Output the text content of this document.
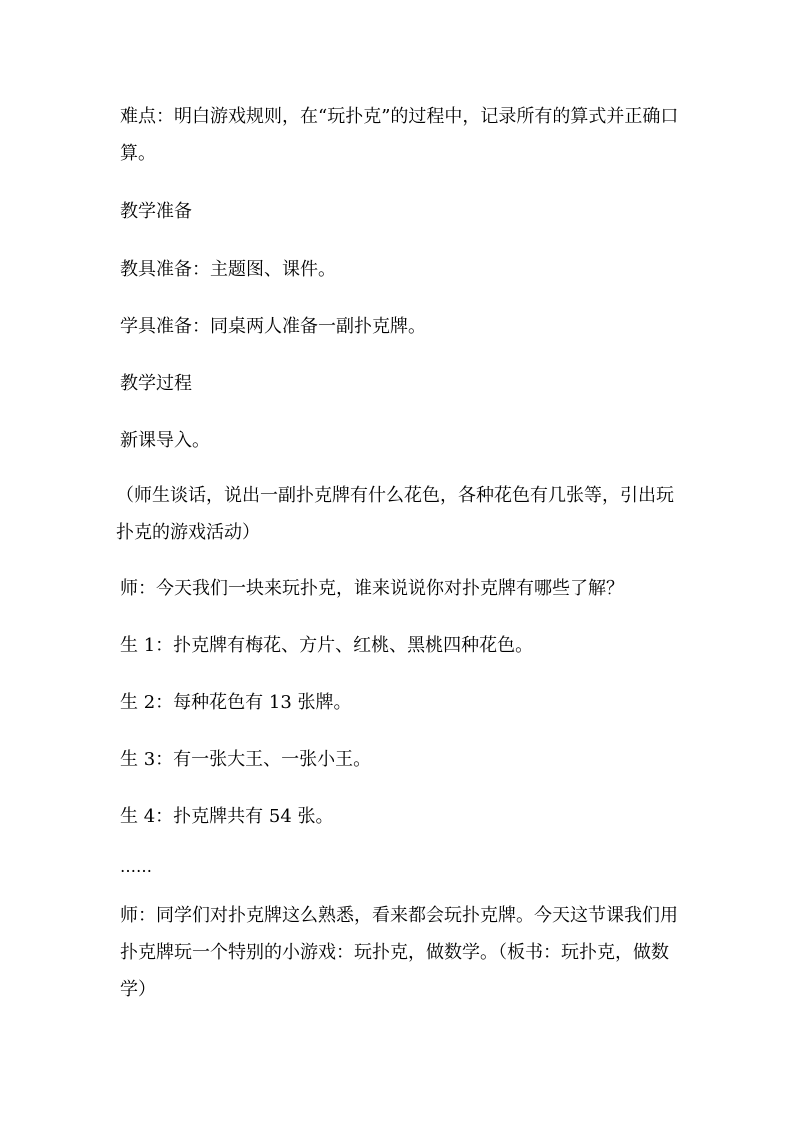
难点：明白游戏规则，在“玩扑克”的过程中，记录所有的算式并正确口算。
教学准备
教具准备：主题图、课件。
学具准备：同桌两人准备一副扑克牌。
教学过程
新课导入。
（师生谈话，说出一副扑克牌有什么花色，各种花色有几张等，引出玩扑克的游戏活动）
师：今天我们一块来玩扑克，谁来说说你对扑克牌有哪些了解？
生 1：扑克牌有梅花、方片、红桃、黑桃四种花色。
生 2：每种花色有 13 张牌。
生 3：有一张大王、一张小王。
生 4：扑克牌共有 54 张。
……
师：同学们对扑克牌这么熟悉，看来都会玩扑克牌。今天这节课我们用扑克牌玩一个特别的小游戏：玩扑克，做数学。（板书：玩扑克，做数学）
